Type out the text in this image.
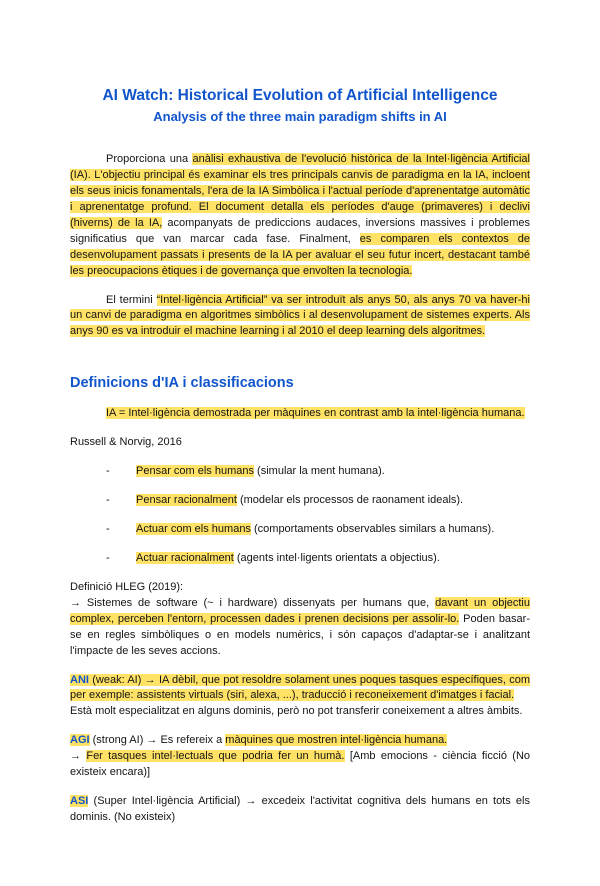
AI Watch: Historical Evolution of Artificial Intelligence
Analysis of the three main paradigm shifts in AI

Proporciona una anàlisi exhaustiva de l'evolució històrica de la Intel·ligència Artificial (IA). L'objectiu principal és examinar els tres principals canvis de paradigma en la IA, incloent els seus inicis fonamentals, l'era de la IA Simbòlica i l'actual període d'aprenentatge automàtic i aprenentatge profund. El document detalla els períodes d'auge (primaveres) i declivi (hiverns) de la IA, acompanyats de prediccions audaces, inversions massives i problemes significatius que van marcar cada fase. Finalment, es comparen els contextos de desenvolupament passats i presents de la IA per avaluar el seu futur incert, destacant també les preocupacions ètiques i de governança que envolten la tecnologia.

El termini “Intel·ligència Artificial” va ser introduït als anys 50, als anys 70 va haver-hi un canvi de paradigma en algoritmes simbòlics i al desenvolupament de sistemes experts. Als anys 90 es va introduir el machine learning i al 2010 el deep learning dels algoritmes.

Definicions d'IA i classificacions

IA = Intel·ligència demostrada per màquines en contrast amb la intel·ligència humana.

Russell & Norvig, 2016

-	Pensar com els humans (simular la ment humana).
-	Pensar racionalment (modelar els processos de raonament ideals).
-	Actuar com els humans (comportaments observables similars a humans).
-	Actuar racionalment (agents intel·ligents orientats a objectius).

Definició HLEG (2019):

→ Sistemes de software (~ i hardware) dissenyats per humans que, davant un objectiu complex, perceben l'entorn, processen dades i prenen decisions per assolir-lo. Poden basar-se en regles simbòliques o en models numèrics, i són capaços d'adaptar-se i analitzant l'impacte de les seves accions.

ANI (weak: AI) → IA dèbil, que pot resoldre solament unes poques tasques específiques, com per exemple: assistents virtuals (siri, alexa, ...), traducció i reconeixement d'imatges i facial.

Està molt especialitzat en alguns dominis, però no pot transferir coneixement a altres àmbits.

AGI (strong AI) → Es refereix a màquines que mostren intel·ligència humana.

→ Fer tasques intel·lectuals que podria fer un humà. [Amb emocions - ciència ficció (No existeix encara)]

ASI (Super Intel·ligència Artificial) → excedeix l'activitat cognitiva dels humans en tots els dominis. (No existeix)
